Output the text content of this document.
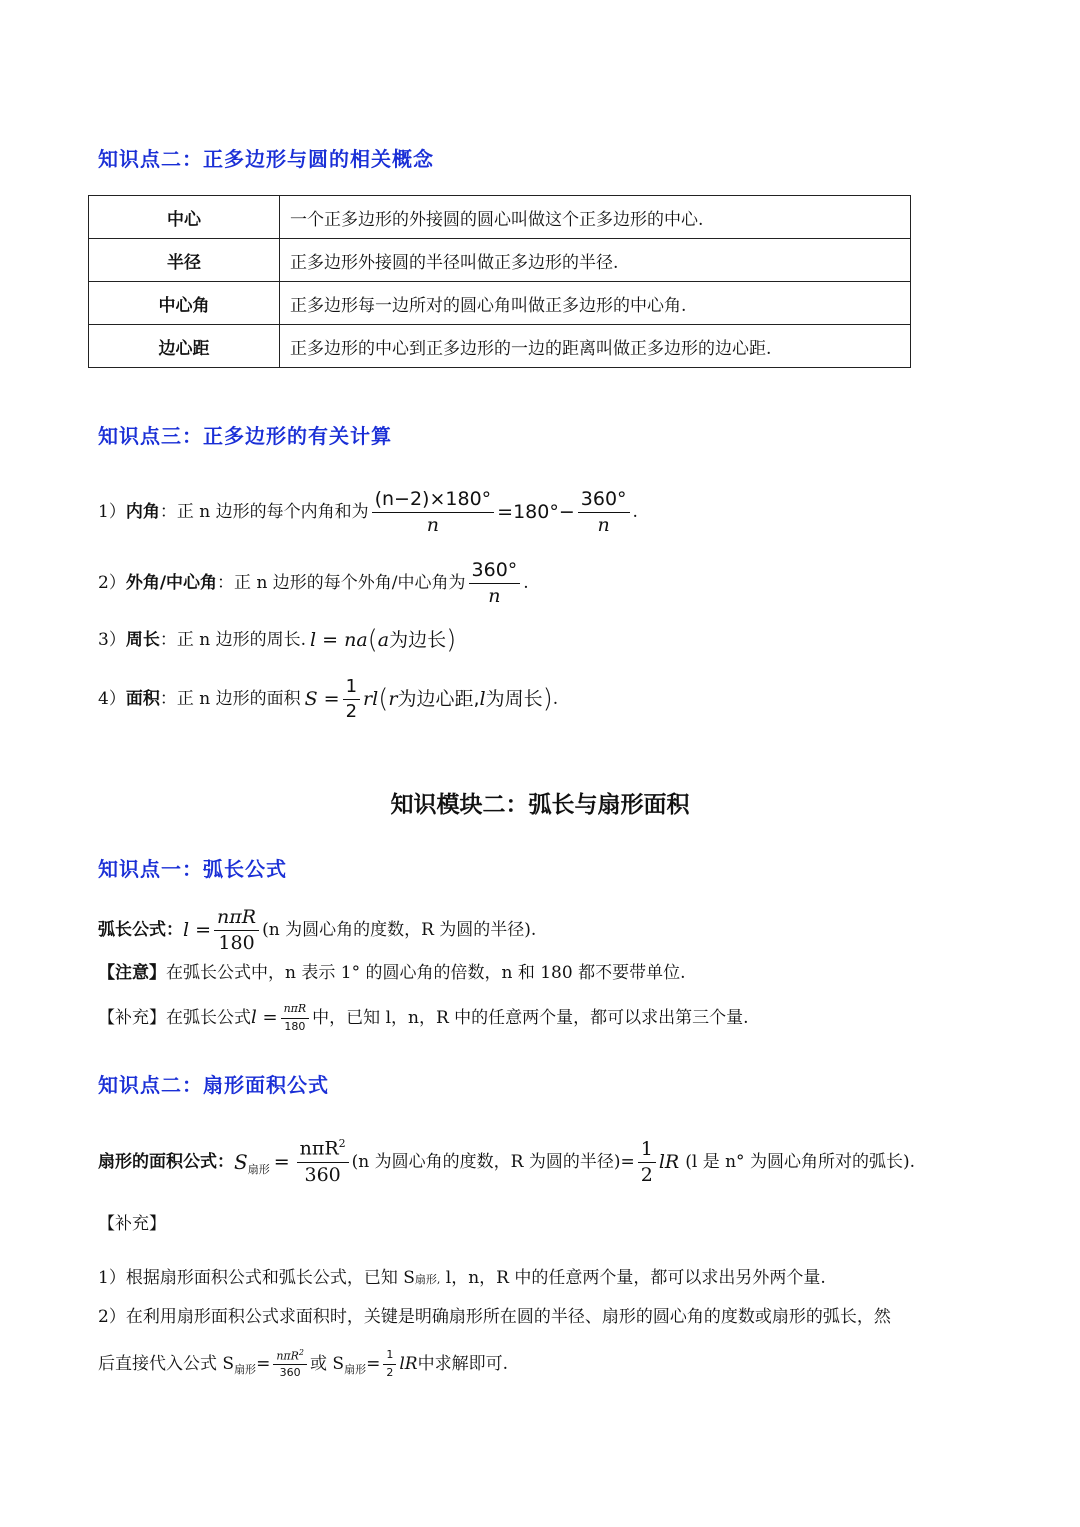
知识点二：正多边形与圆的相关概念
中心	一个正多边形的外接圆的圆心叫做这个正多边形的中心.
半径	正多边形外接圆的半径叫做正多边形的半径.
中心角	正多边形每一边所对的圆心角叫做正多边形的中心角.
边心距	正多边形的中心到正多边形的一边的距离叫做正多边形的边心距.
知识点三：正多边形的有关计算
1） 内角 ：正 n 边形的每个内角和为 $\frac{(n-2)\times 180^\circ}{n} =180^\circ- \frac{360^\circ}{n}$ .
2） 外角/中心角 ：正 n 边形的每个外角/中心角为 $\frac{360^\circ}{n}$ .
3） 周长 ：正 n 边形的周长. l = na ( a 为边长 )
4） 面积 ：正 n 边形的面积 $S = \frac{1}{2}$ rl ( r 为边心距, l 为周长 ) .
知识模块二：弧长与扇形面积
知识点一：弧长公式
弧长公式： $l = \frac{\text{nπR}}{180} (n$ 为圆心角的度数，R 为圆的半径).
【注意】在弧长公式中，n 表示 1° 的圆心角的倍数，n 和 180 都不要带单位.
【补充】 在弧长公式 $l = \frac{\text{nπR}}{180}$ 中，已知 l，n，R 中的任意两个量，都可以求出第三个量.
知识点二：扇形面积公式
扇形的面积公式： S 扇形 = $\frac{n\pi R^2}{360} (n$ 为圆心角的度数，R 为圆的半径)= $\frac{1}{2}$ lR (l 是 n° 为圆心角所对的弧长).
【补充】
1）根据扇形面积公式和弧长公式，已知 S扇形, l，n，R 中的任意两个量，都可以求出另外两个量.
2）在利用扇形面积公式求面积时，关键是明确扇形所在圆的半径、扇形的圆心角的度数或扇形的弧长，然
后直接代入公式 S 扇形 = $\frac{n\pi R^2}{360}$ 或 S 扇形 = $\frac{1}{2}$ lR 中求解即可.
